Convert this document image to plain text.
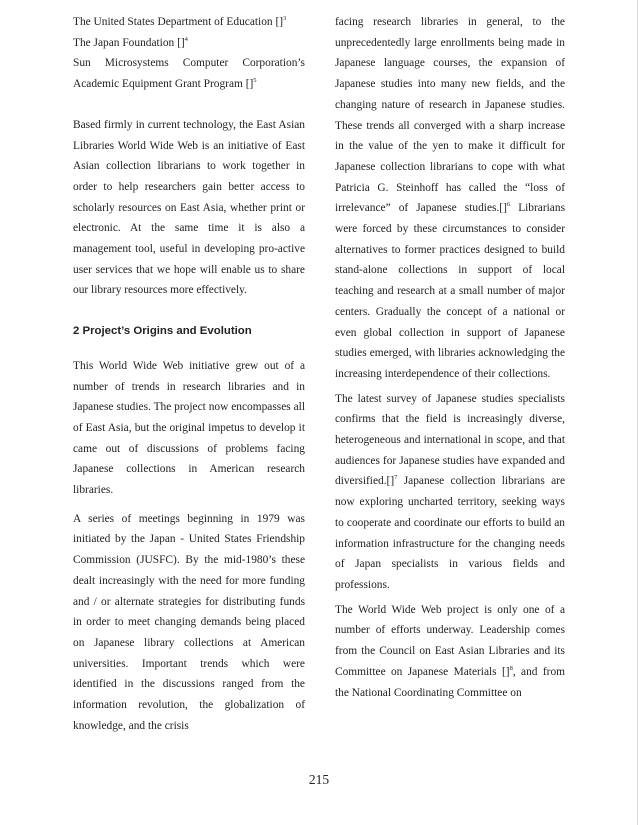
The United States Department of Education []$^3$

The Japan Foundation []$^4$

Sun Microsystems Computer Corporation’s Academic Equipment Grant Program []$^5$

Based firmly in current technology, the East Asian Libraries World Wide Web is an initiative of East Asian collection librarians to work together in order to help researchers gain better access to scholarly resources on East Asia, whether print or electronic. At the same time it is also a management tool, useful in developing pro-active user services that we hope will enable us to share our library resources more effectively.

2 Project’s Origins and Evolution

This World Wide Web initiative grew out of a number of trends in research libraries and in Japanese studies. The project now encompasses all of East Asia, but the original impetus to develop it came out of discussions of problems facing Japanese collections in American research libraries.

A series of meetings beginning in 1979 was initiated by the Japan - United States Friendship Commission (JUSFC). By the mid-1980’s these dealt increasingly with the need for more funding and / or alternate strategies for distributing funds in order to meet changing demands being placed on Japanese library collections at American universities. Important trends which were identified in the discussions ranged from the information revolution, the globalization of knowledge, and the crisis

facing research libraries in general, to the unprecedentedly large enrollments being made in Japanese language courses, the expansion of Japanese studies into many new fields, and the changing nature of research in Japanese studies. These trends all converged with a sharp increase in the value of the yen to make it difficult for Japanese collection librarians to cope with what Patricia G. Steinhoff has called the “loss of irrelevance” of Japanese studies.[]$^6$ Librarians were forced by these circumstances to consider alternatives to former practices designed to build stand-alone collections in support of local teaching and research at a small number of major centers. Gradually the concept of a national or even global collection in support of Japanese studies emerged, with libraries acknowledging the increasing interdependence of their collections.

The latest survey of Japanese studies specialists confirms that the field is increasingly diverse, heterogeneous and international in scope, and that audiences for Japanese studies have expanded and diversified.[]$^7$ Japanese collection librarians are now exploring uncharted territory, seeking ways to cooperate and coordinate our efforts to build an information infrastructure for the changing needs of Japan specialists in various fields and professions.

The World Wide Web project is only one of a number of efforts underway. Leadership comes from the Council on East Asian Libraries and its Committee on Japanese Materials []$^8$, and from the National Coordinating Committee on

215
